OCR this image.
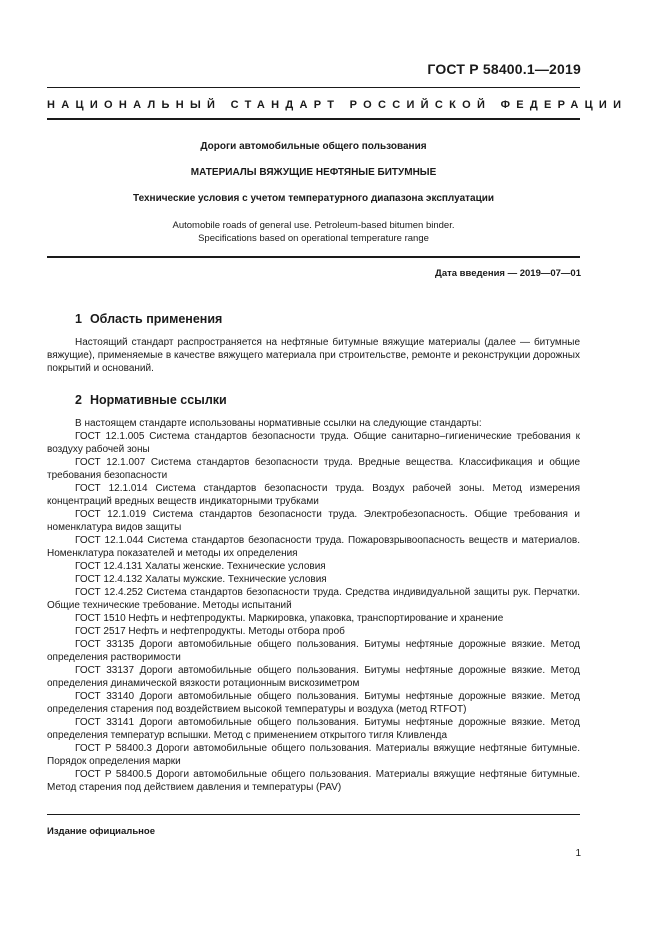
ГОСТ Р 58400.1—2019
НАЦИОНАЛЬНЫЙ СТАНДАРТ РОССИЙСКОЙ ФЕДЕРАЦИИ
Дороги автомобильные общего пользования
МАТЕРИАЛЫ ВЯЖУЩИЕ НЕФТЯНЫЕ БИТУМНЫЕ
Технические условия с учетом температурного диапазона эксплуатации
Automobile roads of general use. Petroleum-based bitumen binder.
Specifications based on operational temperature range
Дата введения — 2019—07—01
1 Область применения

Настоящий стандарт распространяется на нефтяные битумные вяжущие материалы (далее — битумные вяжущие), применяемые в качестве вяжущего материала при строительстве, ремонте и реконструкции дорожных покрытий и оснований.

2 Нормативные ссылки

В настоящем стандарте использованы нормативные ссылки на следующие стандарты:

ГОСТ 12.1.005 Система стандартов безопасности труда. Общие санитарно–гигиенические требования к воздуху рабочей зоны

ГОСТ 12.1.007 Система стандартов безопасности труда. Вредные вещества. Классификация и общие требования безопасности

ГОСТ 12.1.014 Система стандартов безопасности труда. Воздух рабочей зоны. Метод измерения концентраций вредных веществ индикаторными трубками

ГОСТ 12.1.019 Система стандартов безопасности труда. Электробезопасность. Общие требования и номенклатура видов защиты

ГОСТ 12.1.044 Система стандартов безопасности труда. Пожаровзрывоопасность веществ и материалов. Номенклатура показателей и методы их определения

ГОСТ 12.4.131 Халаты женские. Технические условия

ГОСТ 12.4.132 Халаты мужские. Технические условия

ГОСТ 12.4.252 Система стандартов безопасности труда. Средства индивидуальной защиты рук. Перчатки. Общие технические требование. Методы испытаний

ГОСТ 1510 Нефть и нефтепродукты. Маркировка, упаковка, транспортирование и хранение

ГОСТ 2517 Нефть и нефтепродукты. Методы отбора проб

ГОСТ 33135 Дороги автомобильные общего пользования. Битумы нефтяные дорожные вязкие. Метод определения растворимости

ГОСТ 33137 Дороги автомобильные общего пользования. Битумы нефтяные дорожные вязкие. Метод определения динамической вязкости ротационным вискозиметром

ГОСТ 33140 Дороги автомобильные общего пользования. Битумы нефтяные дорожные вязкие. Метод определения старения под воздействием высокой температуры и воздуха (метод RTFOT)

ГОСТ 33141 Дороги автомобильные общего пользования. Битумы нефтяные дорожные вязкие. Метод определения температур вспышки. Метод с применением открытого тигля Кливленда

ГОСТ Р 58400.3 Дороги автомобильные общего пользования. Материалы вяжущие нефтяные битумные. Порядок определения марки

ГОСТ Р 58400.5 Дороги автомобильные общего пользования. Материалы вяжущие нефтяные битумные. Метод старения под действием давления и температуры (PAV)

Издание официальное
1
